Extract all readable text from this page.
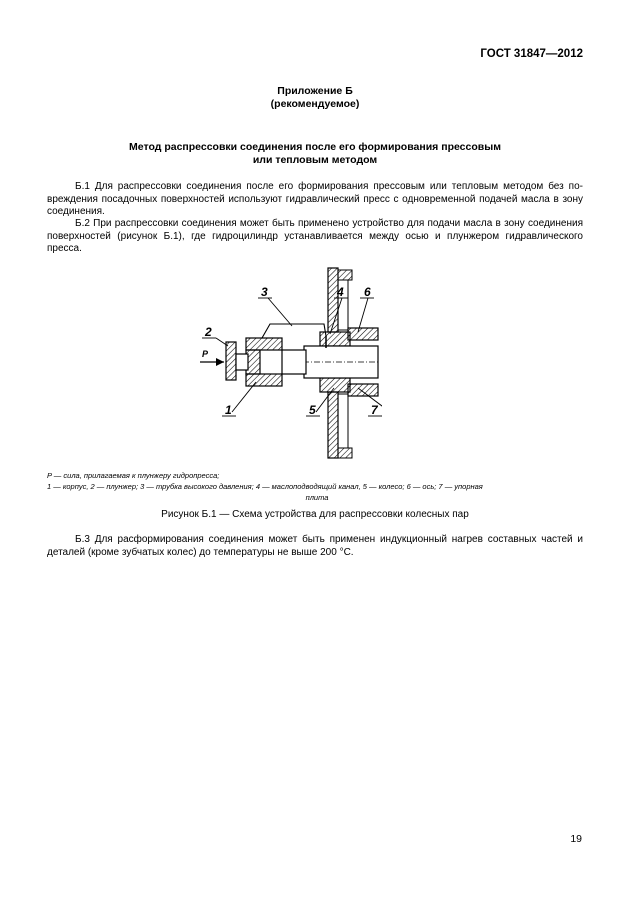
ГОСТ 31847—2012
Приложение Б
(рекомендуемое)
Метод распрессовки соединения после его формирования прессовым
или тепловым методом
Б.1 Для распрессовки соединения после его формирования прессовым или тепловым методом без по-вреждения посадочных поверхностей используют гидравлический пресс с одновременной подачей масла в зону соединения.
Б.2 При распрессовки соединения может быть применено устройство для подачи масла в зону соединения поверхностей (рисунок Б.1), где гидроцилиндр устанавливается между осью и плунжером гидравлического пресса.
P
3	4 6
2
1	5	7
P — сила, прилагаемая к плунжеру гидропресса;
1 — корпус, 2 — плунжер; 3 — трубка высокого давления; 4 — маслоподводящий канал, 5 — колесо; 6 — ось; 7 — упорная
плита
Рисунок Б.1 — Схема устройства для распрессовки колесных пар
Б.3 Для расформирования соединения может быть применен индукционный нагрев составных частей и деталей (кроме зубчатых колес) до температуры не выше 200 °С.
19
